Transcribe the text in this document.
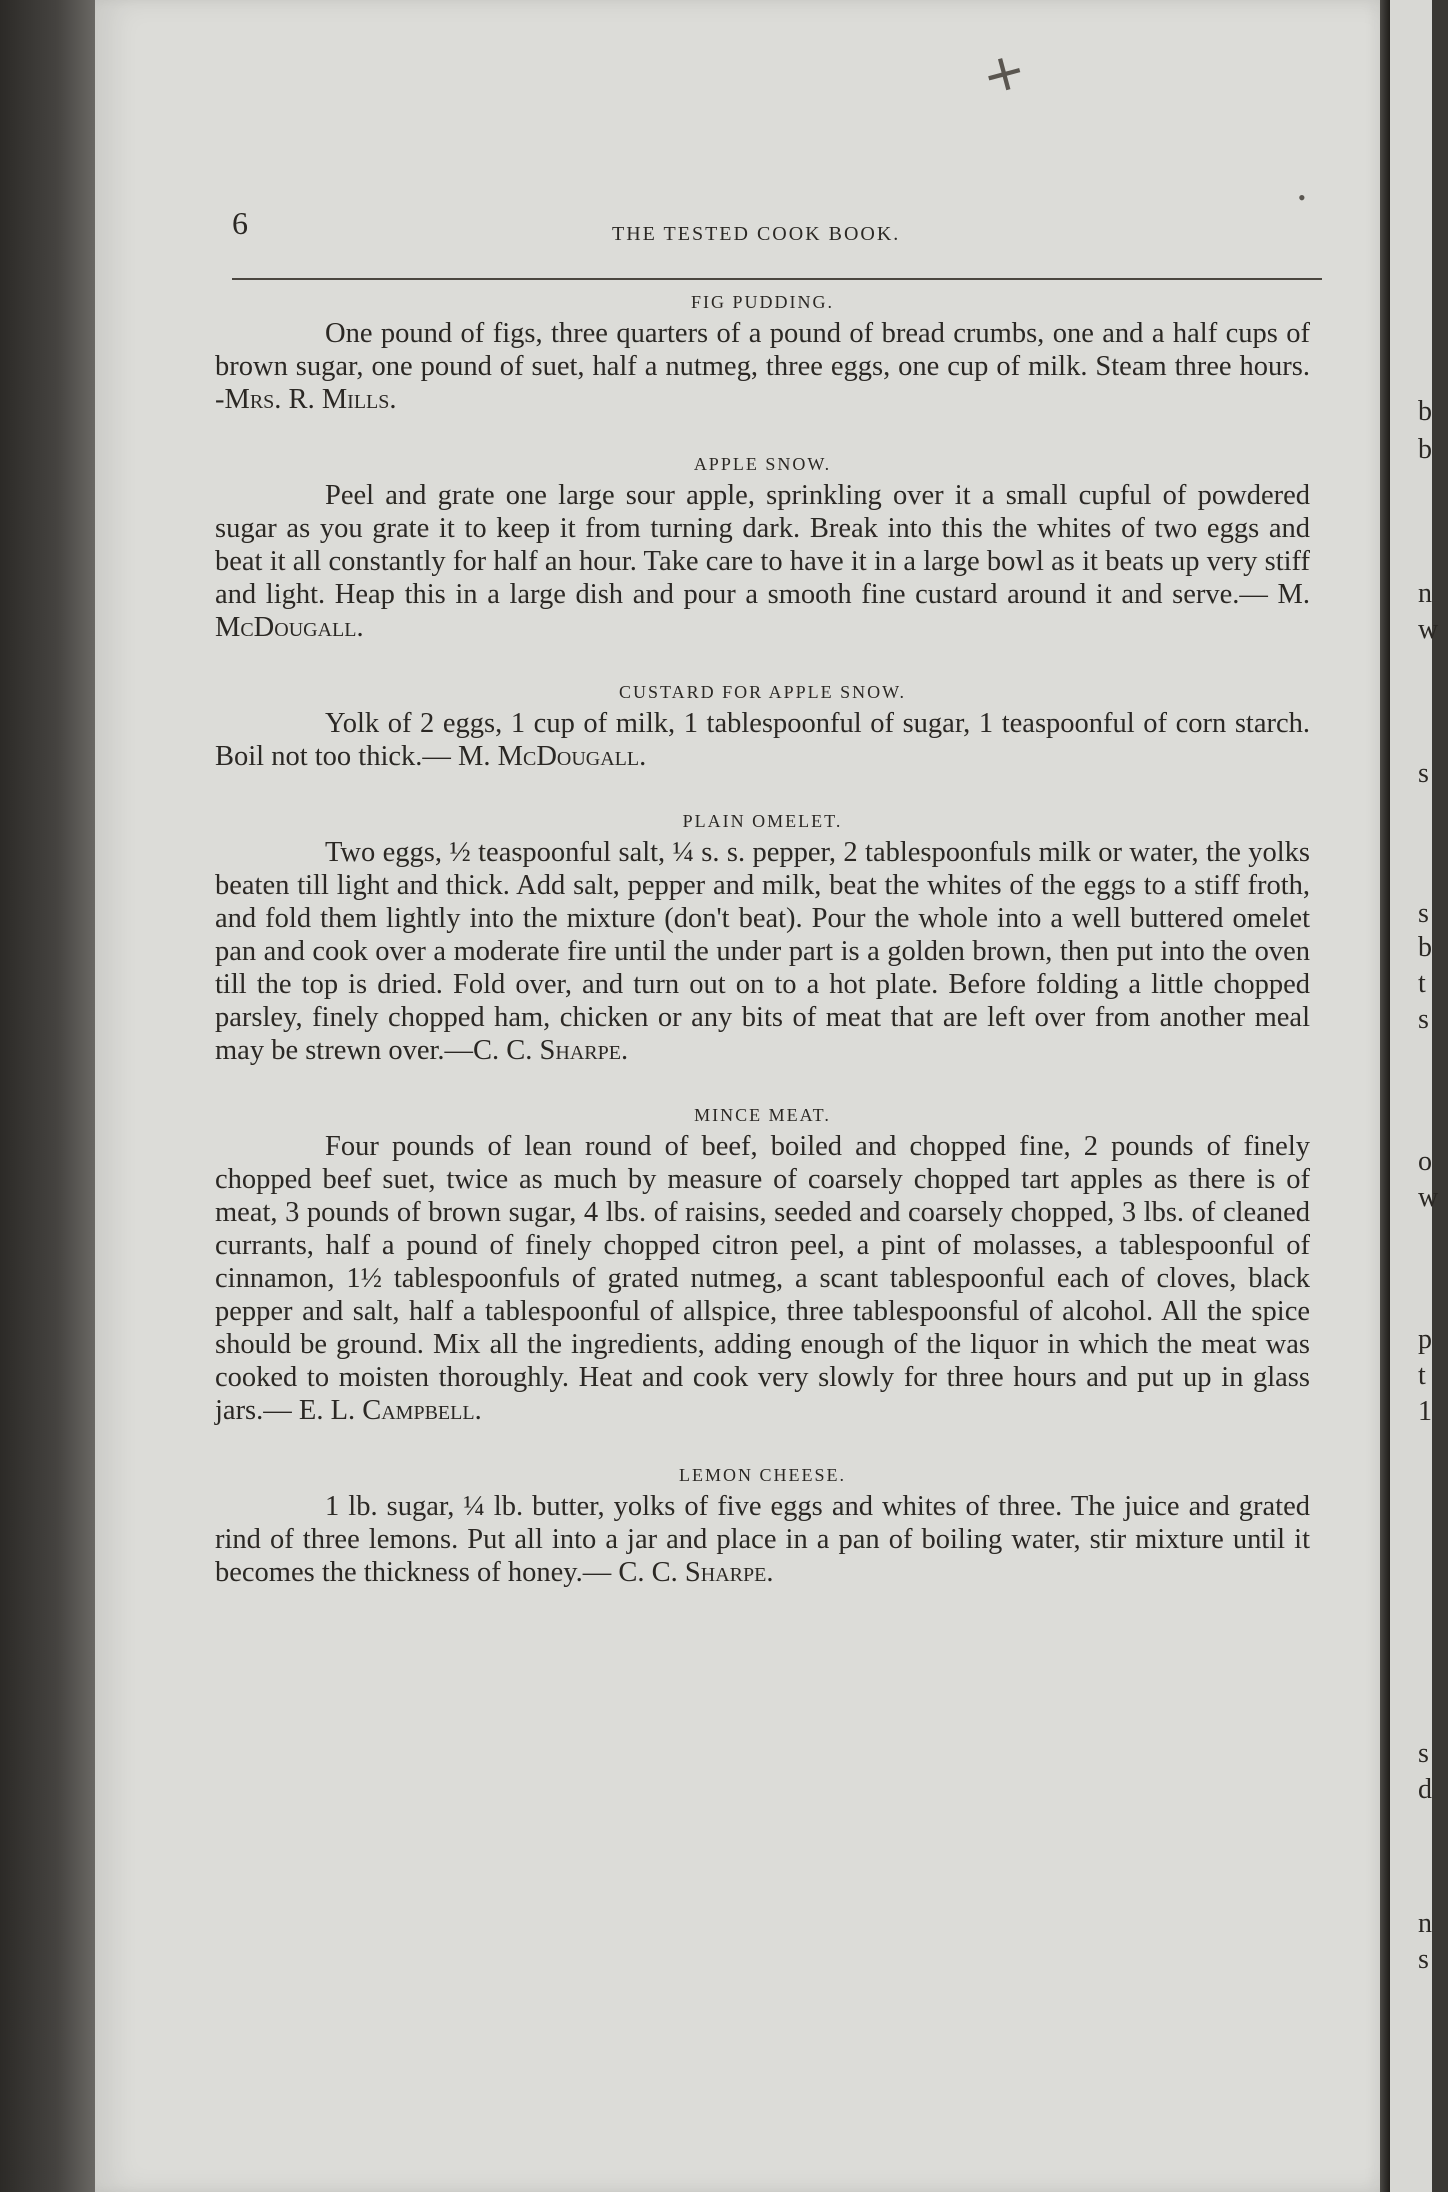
b
b
n
w
s
s
b
t
s
o
w
p
t
1
s
d
n
s
✕
•
6	THE TESTED COOK BOOK.

FIG PUDDING.

One pound of figs, three quarters of a pound of bread crumbs, one and a half cups of brown sugar, one pound of suet, half a nutmeg, three eggs, one cup of milk. Steam three hours. -Mrs. R. Mills.

APPLE SNOW.

Peel and grate one large sour apple, sprinkling over it a small cupful of powdered sugar as you grate it to keep it from turning dark. Break into this the whites of two eggs and beat it all constantly for half an hour. Take care to have it in a large bowl as it beats up very stiff and light. Heap this in a large dish and pour a smooth fine custard around it and serve.— M. McDougall.

CUSTARD FOR APPLE SNOW.

Yolk of 2 eggs, 1 cup of milk, 1 tablespoonful of sugar, 1 teaspoonful of corn starch. Boil not too thick.— M. McDougall.

PLAIN OMELET.

Two eggs, ½ teaspoonful salt, ¼ s. s. pepper, 2 tablespoonfuls milk or water, the yolks beaten till light and thick. Add salt, pepper and milk, beat the whites of the eggs to a stiff froth, and fold them lightly into the mixture (don't beat). Pour the whole into a well buttered omelet pan and cook over a moderate fire until the under part is a golden brown, then put into the oven till the top is dried. Fold over, and turn out on to a hot plate. Before folding a little chopped parsley, finely chopped ham, chicken or any bits of meat that are left over from another meal may be strewn over.—C. C. Sharpe.

MINCE MEAT.

Four pounds of lean round of beef, boiled and chopped fine, 2 pounds of finely chopped beef suet, twice as much by measure of coarsely chopped tart apples as there is of meat, 3 pounds of brown sugar, 4 lbs. of raisins, seeded and coarsely chopped, 3 lbs. of cleaned currants, half a pound of finely chopped citron peel, a pint of molasses, a tablespoonful of cinnamon, 1½ tablespoonfuls of grated nutmeg, a scant tablespoonful each of cloves, black pepper and salt, half a tablespoonful of allspice, three tablespoonsful of alcohol. All the spice should be ground. Mix all the ingredients, adding enough of the liquor in which the meat was cooked to moisten thoroughly. Heat and cook very slowly for three hours and put up in glass jars.— E. L. Campbell.

LEMON CHEESE.

1 lb. sugar, ¼ lb. butter, yolks of five eggs and whites of three. The juice and grated rind of three lemons. Put all into a jar and place in a pan of boiling water, stir mixture until it becomes the thickness of honey.— C. C. Sharpe.
